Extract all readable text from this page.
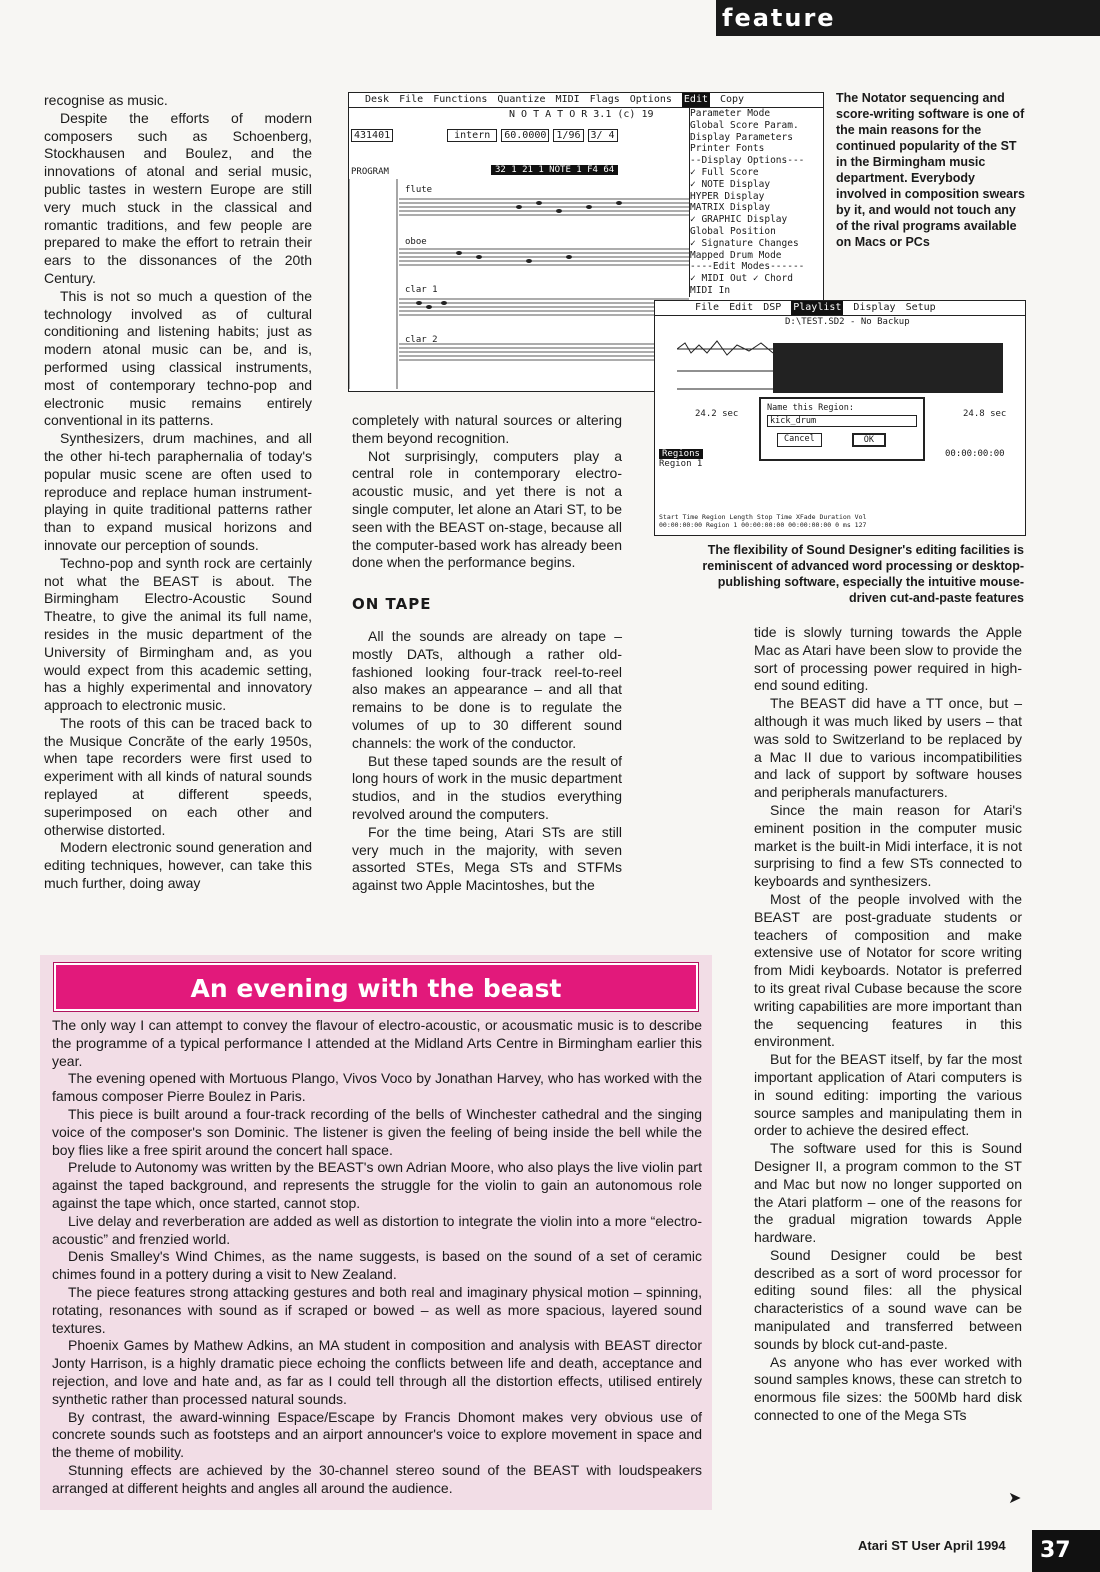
feature

recognise as music.

Despite the efforts of modern composers such as Schoenberg, Stockhausen and Boulez, and the innovations of atonal and serial music, public tastes in western Europe are still very much stuck in the classical and romantic traditions, and few people are prepared to make the effort to retrain their ears to the dissonances of the 20th Century.

This is not so much a question of the technology involved as of cultural conditioning and listening habits; just as modern atonal music can be, and is, performed using classical instruments, most of contemporary techno-pop and electronic music remains entirely conventional in its patterns.

Synthesizers, drum machines, and all the other hi-tech paraphernalia of today's popular music scene are often used to reproduce and replace human instrument-playing in quite traditional patterns rather than to expand musical horizons and innovate our perception of sounds.

Techno-pop and synth rock are certainly not what the BEAST is about. The Birmingham Electro-Acoustic Sound Theatre, to give the animal its full name, resides in the music department of the University of Birmingham and, as you would expect from this academic setting, has a highly experimental and innovatory approach to electronic music.

The roots of this can be traced back to the Musique Concrăte of the early 1950s, when tape recorders were first used to experiment with all kinds of natural sounds replayed at different speeds, superimposed on each other and otherwise distorted.

Modern electronic sound generation and editing techniques, however, can take this much further, doing away

Desk File Functions Quantize MIDI Flags Options Edit Copy
N O T A T O R 3.1 (c) 19
431401	intern	60.0000	1/96	3/ 4
PROGRAM	32 1 21 1 NOTE 1 F4 64
flute
oboe
clar 1
clar 2
Parameter Mode
Global Score Param.
Display Parameters
Printer Fonts
--Display Options---
✓ Full Score
✓ NOTE Display
HYPER Display
MATRIX Display
✓ GRAPHIC Display
Global Position
✓ Signature Changes
Mapped Drum Mode
----Edit Modes------
✓ MIDI Out ✓ Chord
MIDI In
The Notator sequencing and score-writing software is one of the main reasons for the continued popularity of the ST in the Birmingham music department. Everybody involved in composition swears by it, and would not touch any of the rival programs available on Macs or PCs
File Edit DSP Playlist Display Setup
D:\TEST.SD2 - No Backup
24.2 sec	24.8 sec
Name this Region:
kick_drum
Cancel	OK
Regions
Region 1
00:00:00:00
Start Time Region Length Stop Time XFade Duration Vol
00:00:00:00 Region 1 00:00:00:00 00:00:00:00 0 ms 127
The flexibility of Sound Designer's editing facilities is reminiscent of advanced word processing or desktop-publishing software, especially the intuitive mouse-driven cut-and-paste features

completely with natural sources or altering them beyond recognition.

Not surprisingly, computers play a central role in contemporary electro-acoustic music, and yet there is not a single computer, let alone an Atari ST, to be seen with the BEAST on-stage, because all the computer-based work has already been done when the performance begins.

ON TAPE

All the sounds are already on tape – mostly DATs, although a rather old-fashioned looking four-track reel-to-reel also makes an appearance – and all that remains to be done is to regulate the volumes of up to 30 different sound channels: the work of the conductor.

But these taped sounds are the result of long hours of work in the music department studios, and in the studios everything revolved around the computers.

For the time being, Atari STs are still very much in the majority, with seven assorted STEs, Mega STs and STFMs against two Apple Macintoshes, but the

tide is slowly turning towards the Apple Mac as Atari have been slow to provide the sort of processing power required in high-end sound editing.

The BEAST did have a TT once, but – although it was much liked by users – that was sold to Switzerland to be replaced by a Mac II due to various incompatibilities and lack of support by software houses and peripherals manufacturers.

Since the main reason for Atari's eminent position in the computer music market is the built-in Midi interface, it is not surprising to find a few STs connected to keyboards and synthesizers.

Most of the people involved with the BEAST are post-graduate students or teachers of composition and make extensive use of Notator for score writing from Midi keyboards. Notator is preferred to its great rival Cubase because the score writing capabilities are more important than the sequencing features in this environment.

But for the BEAST itself, by far the most important application of Atari computers is in sound editing: importing the various source samples and manipulating them in order to achieve the desired effect.

The software used for this is Sound Designer II, a program common to the ST and Mac but now no longer supported on the Atari platform – one of the reasons for the gradual migration towards Apple hardware.

Sound Designer could be best described as a sort of word processor for editing sound files: all the physical characteristics of a sound wave can be manipulated and transferred between sounds by block cut-and-paste.

As anyone who has ever worked with sound samples knows, these can stretch to enormous file sizes: the 500Mb hard disk connected to one of the Mega STs

An evening with the beast

The only way I can attempt to convey the flavour of electro-acoustic, or acousmatic music is to describe the programme of a typical performance I attended at the Midland Arts Centre in Birmingham earlier this year.

The evening opened with Mortuous Plango, Vivos Voco by Jonathan Harvey, who has worked with the famous composer Pierre Boulez in Paris.

This piece is built around a four-track recording of the bells of Winchester cathedral and the singing voice of the composer's son Dominic. The listener is given the feeling of being inside the bell while the boy flies like a free spirit around the concert hall space.

Prelude to Autonomy was written by the BEAST's own Adrian Moore, who also plays the live violin part against the taped background, and represents the struggle for the violin to gain an autonomous role against the tape which, once started, cannot stop.

Live delay and reverberation are added as well as distortion to integrate the violin into a more “electro-acoustic” and frenzied world.

Denis Smalley's Wind Chimes, as the name suggests, is based on the sound of a set of ceramic chimes found in a pottery during a visit to New Zealand.

The piece features strong attacking gestures and both real and imaginary physical motion – spinning, rotating, resonances with sound as if scraped or bowed – as well as more spacious, layered sound textures.

Phoenix Games by Mathew Adkins, an MA student in composition and analysis with BEAST director Jonty Harrison, is a highly dramatic piece echoing the conflicts between life and death, acceptance and rejection, and love and hate and, as far as I could tell through all the distortion effects, utilised entirely synthetic rather than processed natural sounds.

By contrast, the award-winning Espace/Escape by Francis Dhomont makes very obvious use of concrete sounds such as footsteps and an airport announcer's voice to explore movement in space and the theme of mobility.

Stunning effects are achieved by the 30-channel stereo sound of the BEAST with loudspeakers arranged at different heights and angles all around the audience.

➤
Atari ST User April 1994	37
